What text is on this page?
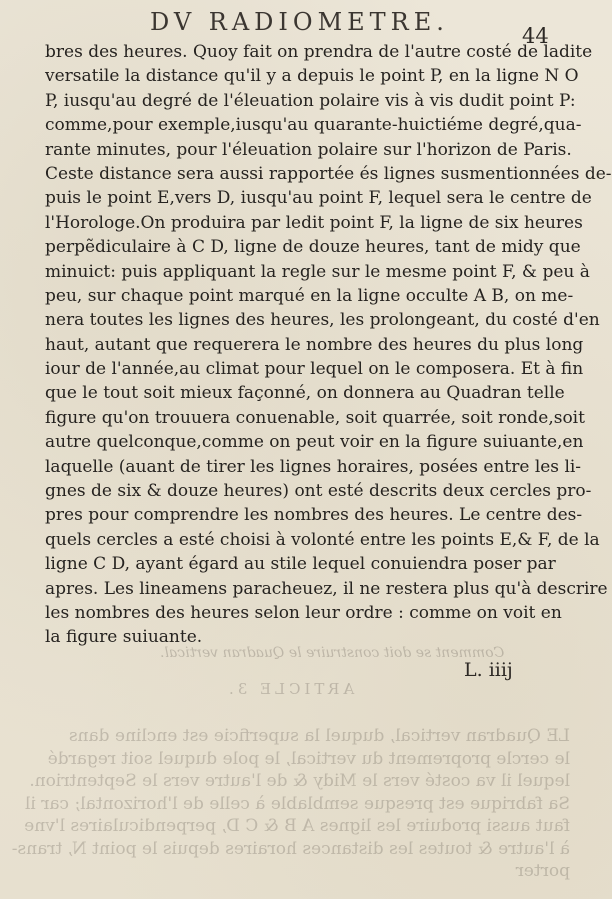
Comment se doit construire le Quadran vertical.
ARTICLE 3.
DV RADIOMETRE.	44
bres des heures. Quoy fait on prendra de l'autre costé de ladite
versatile la distance qu'il y a depuis le point P, en la ligne N O
P, iusqu'au degré de l'éleuation polaire vis à vis dudit point P:
comme,pour exemple,iusqu'au quarante-huictiéme degré,qua-
rante minutes, pour l'éleuation polaire sur l'horizon de Paris.
Ceste distance sera aussi rapportée és lignes susmentionnées de-
puis le point E,vers D, iusqu'au point F, lequel sera le centre de
l'Horologe.On produira par ledit point F, la ligne de six heures
perpẽdiculaire à C D, ligne de douze heures, tant de midy que
minuict: puis appliquant la regle sur le mesme point F, & peu à
peu, sur chaque point marqué en la ligne occulte A B, on me-
nera toutes les lignes des heures, les prolongeant, du costé d'en
haut, autant que requerera le nombre des heures du plus long
iour de l'année,au climat pour lequel on le composera. Et à fin
que le tout soit mieux façonné, on donnera au Quadran telle
figure qu'on trouuera conuenable, soit quarrée, soit ronde,soit
autre quelconque,comme on peut voir en la figure suiuante,en
laquelle (auant de tirer les lignes horaires, posées entre les li-
gnes de six & douze heures) ont esté descrits deux cercles pro-
pres pour comprendre les nombres des heures. Le centre des-
quels cercles a esté choisi à volonté entre les points E,& F, de la
ligne C D, ayant égard au stile lequel conuiendra poser par
apres. Les lineamens paracheuez, il ne restera plus qu'à descrire
les nombres des heures selon leur ordre : comme on voit en
la figure suiuante.
L. iiij
LE Quadran vertical, duquel la superficie est encline dans
le cercle proprement du vertical, le pole duquel soit regardé
lequel il va costé vers le Midy & de l'autre vers le Septentrion.
Sa fabrique est presque semblable à celle de l'horizontal; car il
faut aussi produire les lignes A B & C D, perpendiculaires l'vne
à l'autre & toutes les distances horaires depuis le point N, trans-
porter
